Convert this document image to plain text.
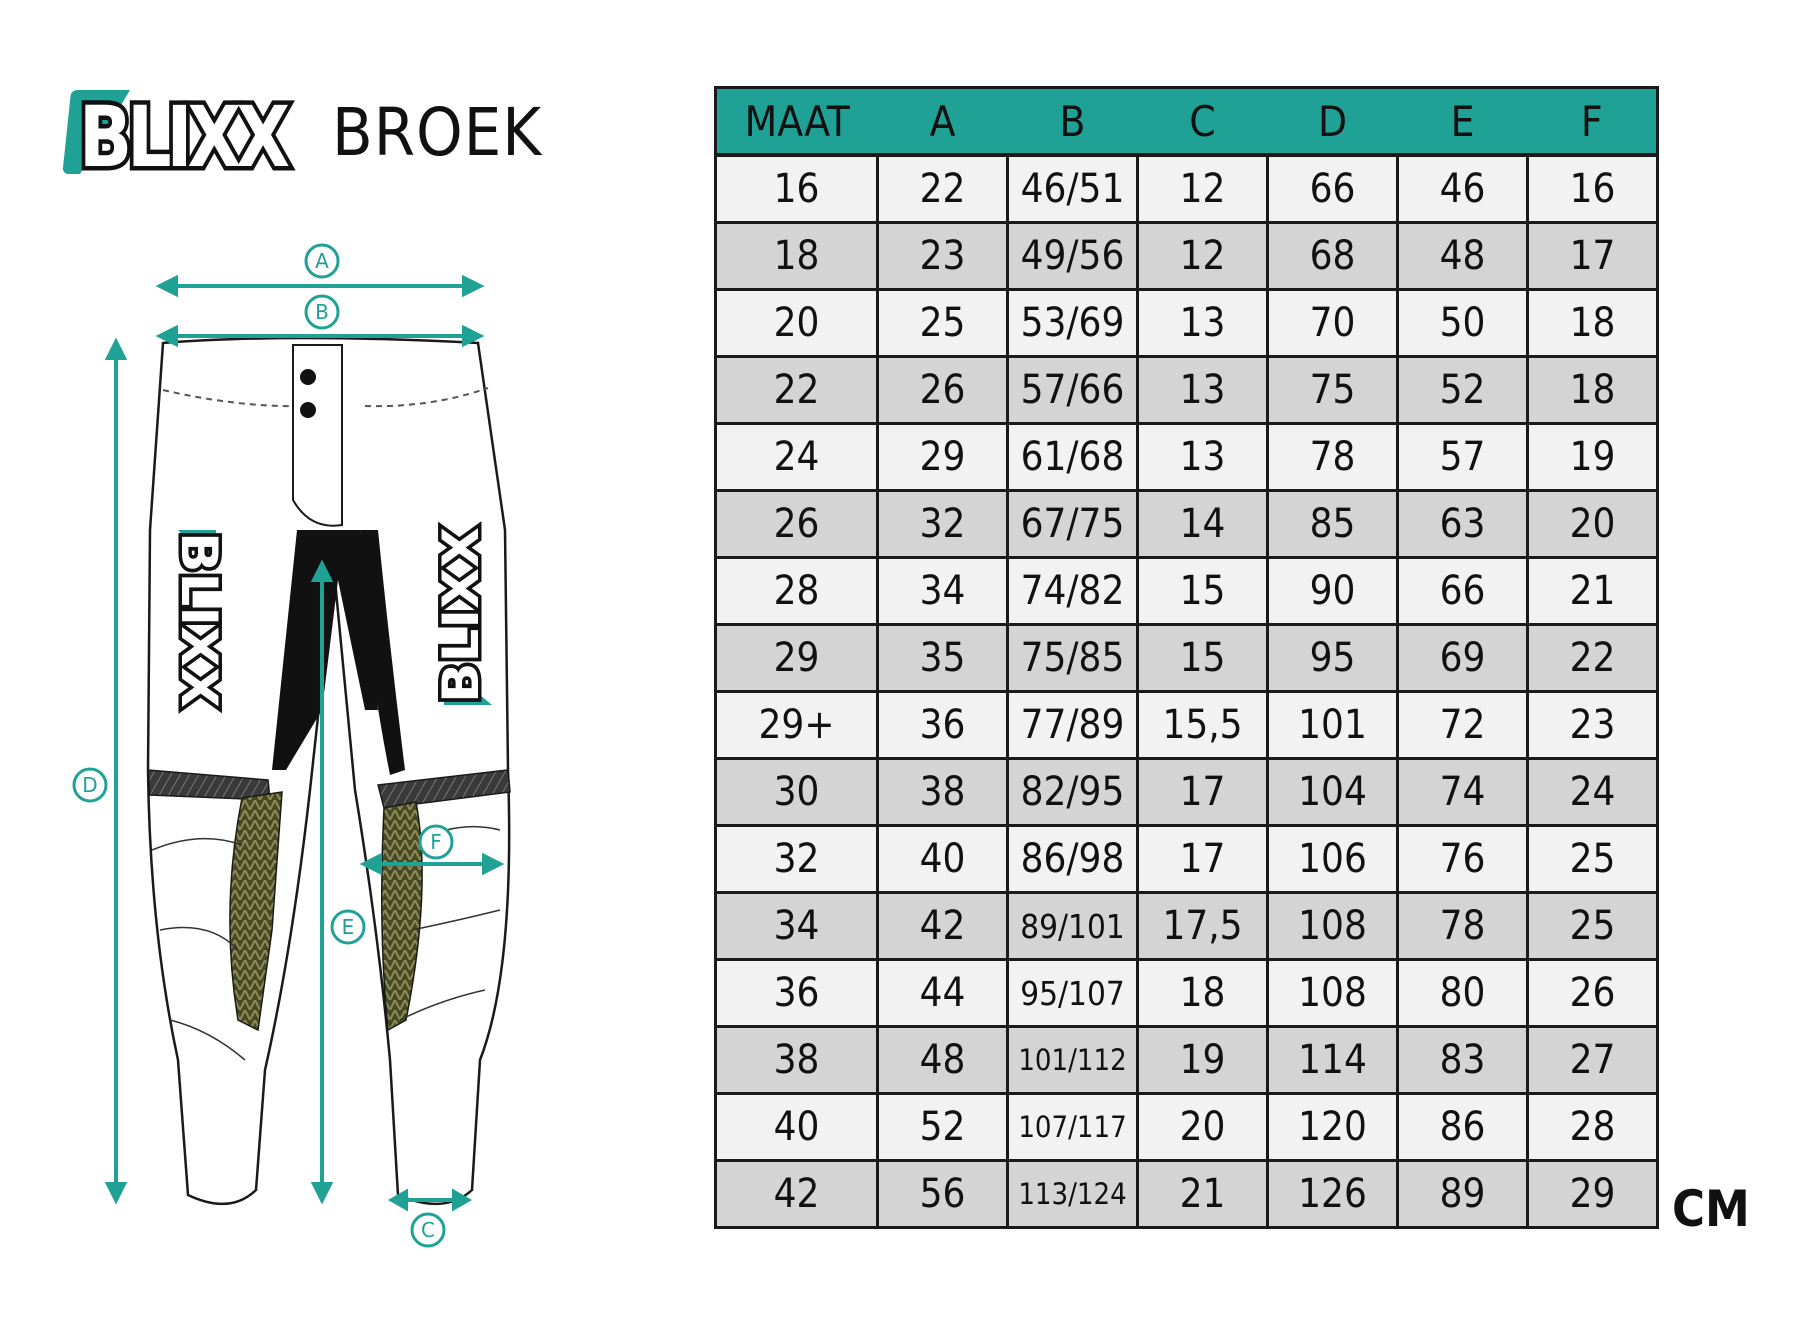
BLIXX BROEK
BLIXX	BLIXX
A
B
C
D
E
F
MAAT	A	B	C	D	E	F
16	22	46/51	12	66	46	16
18	23	49/56	12	68	48	17
20	25	53/69	13	70	50	18
22	26	57/66	13	75	52	18
24	29	61/68	13	78	57	19
26	32	67/75	14	85	63	20
28	34	74/82	15	90	66	21
29	35	75/85	15	95	69	22
29+	36	77/89	15,5	101	72	23
30	38	82/95	17	104	74	24
32	40	86/98	17	106	76	25
34	42	89/101	17,5	108	78	25
36	44	95/107	18	108	80	26
38	48	101/112	19	114	83	27
40	52	107/117	20	120	86	28
42	56	113/124	21	126	89	29 CM
